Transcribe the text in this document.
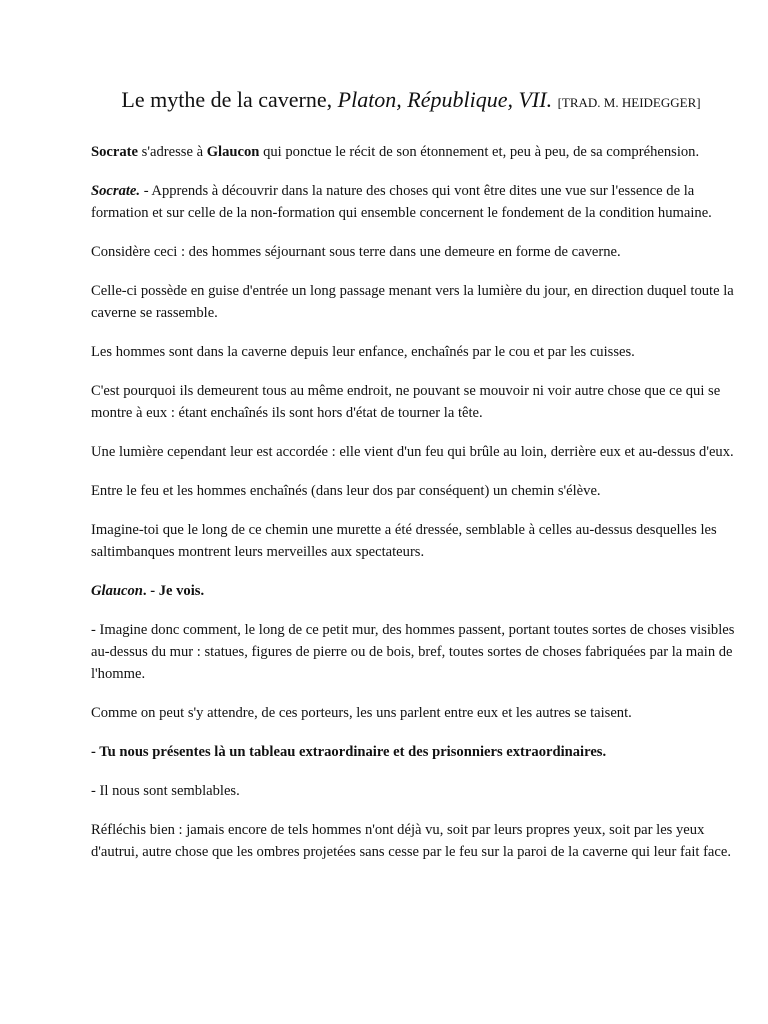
Le mythe de la caverne, Platon, République, VII. [TRAD. M. HEIDEGGER]

Socrate s'adresse à Glaucon qui ponctue le récit de son étonnement et, peu à peu, de sa compréhension.

Socrate. - Apprends à découvrir dans la nature des choses qui vont être dites une vue sur l'essence de la formation et sur celle de la non-formation qui ensemble concernent le fondement de la condition humaine.

Considère ceci : des hommes séjournant sous terre dans une demeure en forme de caverne.

Celle-ci possède en guise d'entrée un long passage menant vers la lumière du jour, en direction duquel toute la caverne se rassemble.

Les hommes sont dans la caverne depuis leur enfance, enchaînés par le cou et par les cuisses.

C'est pourquoi ils demeurent tous au même endroit, ne pouvant se mouvoir ni voir autre chose que ce qui se montre à eux : étant enchaînés ils sont hors d'état de tourner la tête.

Une lumière cependant leur est accordée : elle vient d'un feu qui brûle au loin, derrière eux et au-dessus d'eux.

Entre le feu et les hommes enchaînés (dans leur dos par conséquent) un chemin s'élève.

Imagine-toi que le long de ce chemin une murette a été dressée, semblable à celles au-dessus desquelles les saltimbanques montrent leurs merveilles aux spectateurs.

Glaucon. - Je vois.

- Imagine donc comment, le long de ce petit mur, des hommes passent, portant toutes sortes de choses visibles au-dessus du mur : statues, figures de pierre ou de bois, bref, toutes sortes de choses fabriquées par la main de l'homme.

Comme on peut s'y attendre, de ces porteurs, les uns parlent entre eux et les autres se taisent.

- Tu nous présentes là un tableau extraordinaire et des prisonniers extraordinaires.

- Il nous sont semblables.

Réfléchis bien : jamais encore de tels hommes n'ont déjà vu, soit par leurs propres yeux, soit par les yeux d'autrui, autre chose que les ombres projetées sans cesse par le feu sur la paroi de la caverne qui leur fait face.
